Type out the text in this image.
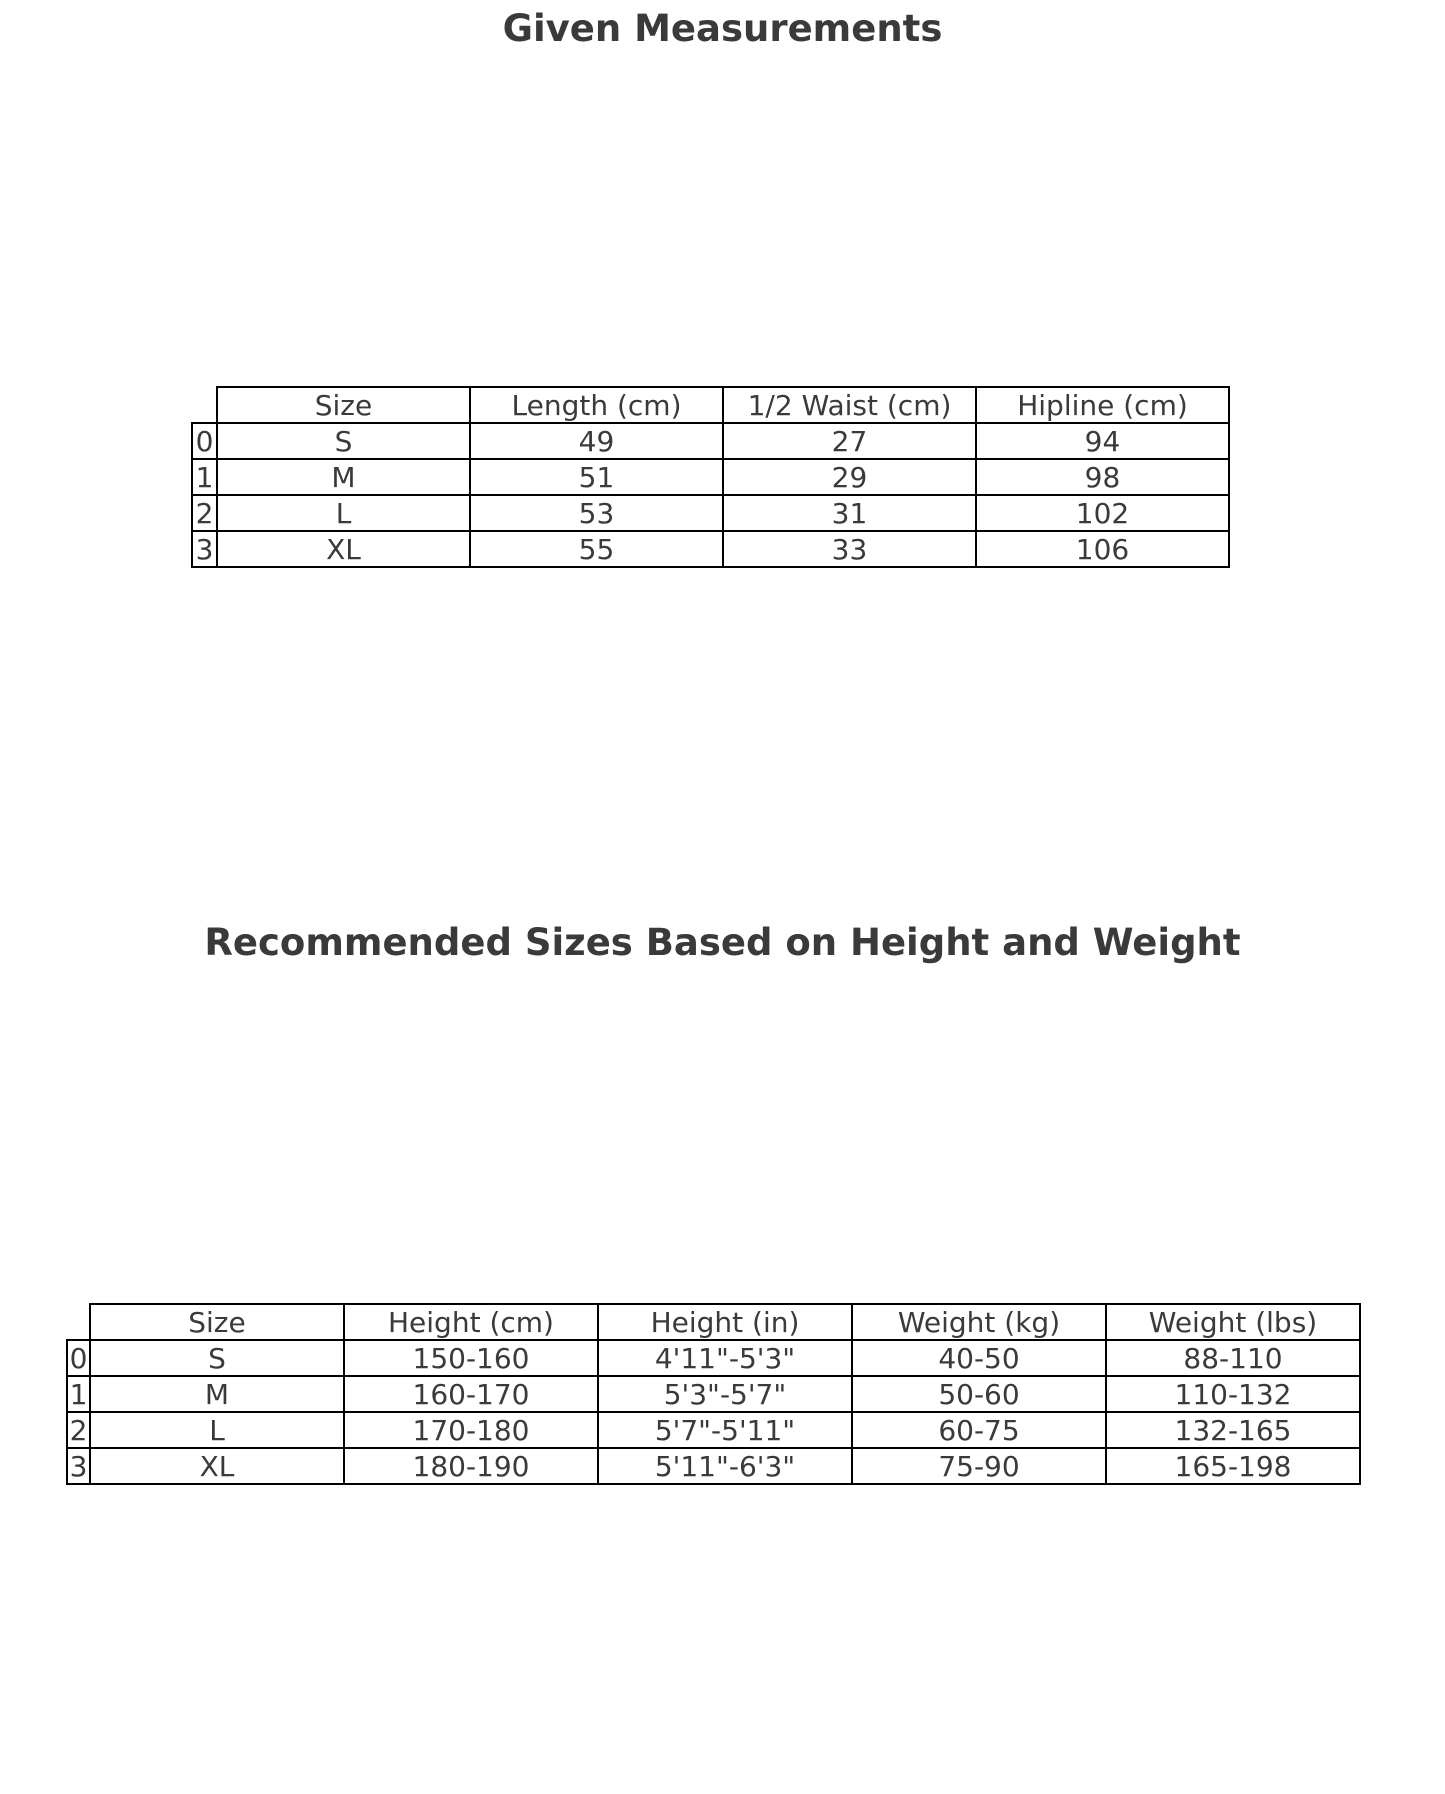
Given Measurements
	Size	Length (cm)	1/2 Waist (cm)	Hipline (cm)
0	S	49	27	94
1	M	51	29	98
2	L	53	31	102
3	XL	55	33	106
Recommended Sizes Based on Height and Weight
	Size	Height (cm)	Height (in)	Weight (kg)	Weight (lbs)
0	S	150-160	4'11"-5'3"	40-50	88-110
1	M	160-170	5'3"-5'7"	50-60	110-132
2	L	170-180	5'7"-5'11"	60-75	132-165
3	XL	180-190	5'11"-6'3"	75-90	165-198
